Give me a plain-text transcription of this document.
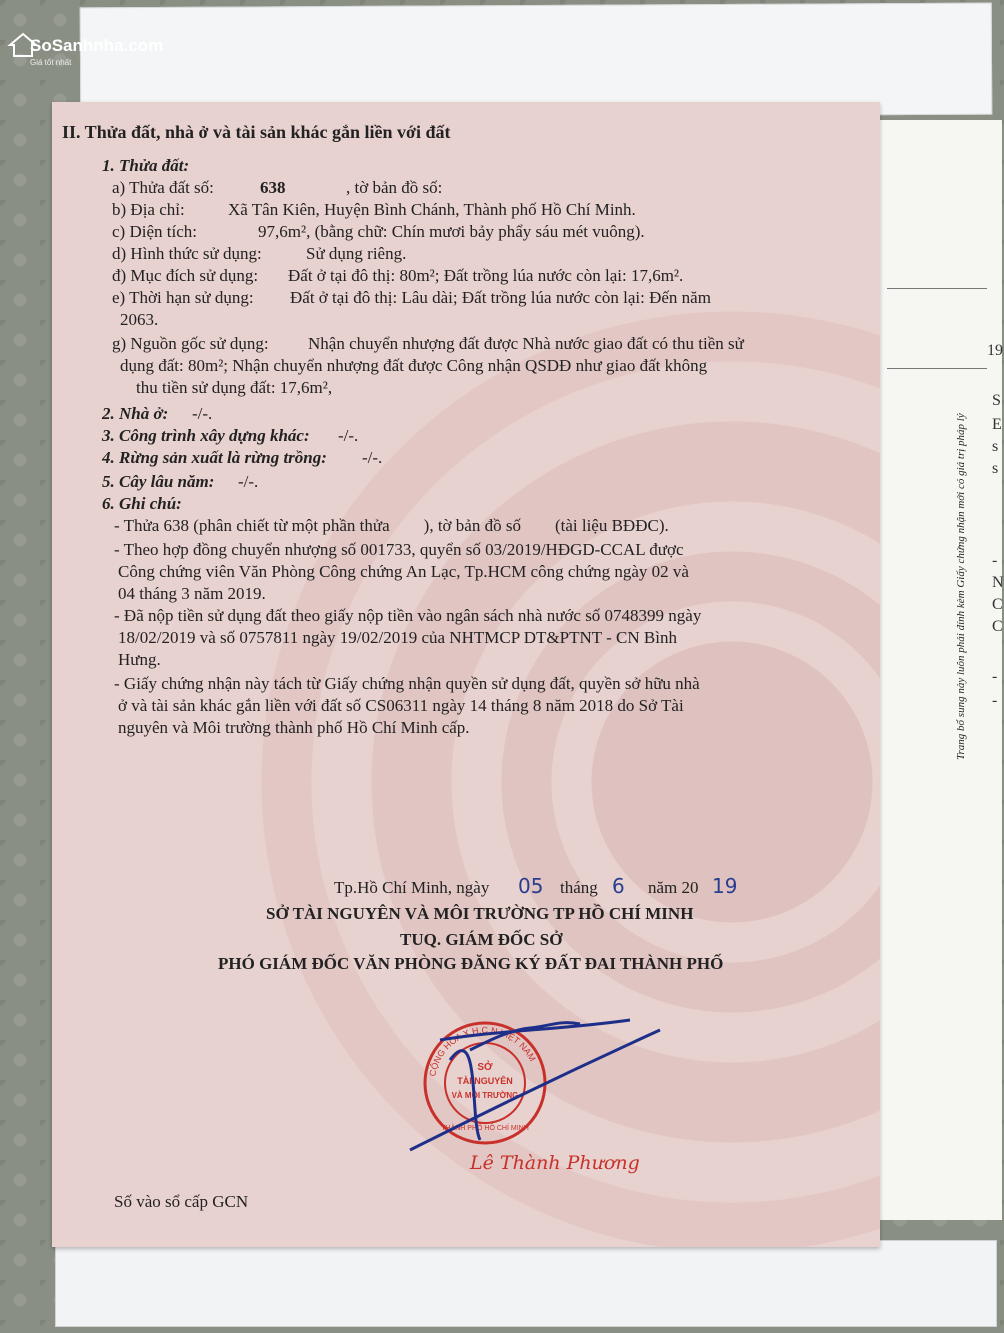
19
S
E
s
s
-
N
C
C
-
-
Trang bổ sung này luôn phải đính kèm Giấy chứng nhận mới có giá trị pháp lý
II. Thửa đất, nhà ở và tài sản khác gắn liền với đất
1. Thửa đất:
a) Thửa đất số:	638	, tờ bản đồ số:
b) Địa chỉ:	Xã Tân Kiên, Huyện Bình Chánh, Thành phố Hồ Chí Minh.
c) Diện tích:	97,6m², (bằng chữ: Chín mươi bảy phẩy sáu mét vuông).
d) Hình thức sử dụng:	Sử dụng riêng.
đ) Mục đích sử dụng: Đất ở tại đô thị: 80m²; Đất trồng lúa nước còn lại: 17,6m².
e) Thời hạn sử dụng: Đất ở tại đô thị: Lâu dài; Đất trồng lúa nước còn lại: Đến năm
2063.
g) Nguồn gốc sử dụng: Nhận chuyển nhượng đất được Nhà nước giao đất có thu tiền sử
dụng đất: 80m²; Nhận chuyển nhượng đất được Công nhận QSDĐ như giao đất không
thu tiền sử dụng đất: 17,6m²,
2. Nhà ở: -/-.
3. Công trình xây dựng khác: -/-.
4. Rừng sản xuất là rừng trồng: -/-.
5. Cây lâu năm: -/-.
6. Ghi chú:
- Thửa 638 (phân chiết từ một phần thửa        ), tờ bản đồ số        (tài liệu BĐĐC).
- Theo hợp đồng chuyển nhượng số 001733, quyển số 03/2019/HĐGD-CCAL được
Công chứng viên Văn Phòng Công chứng An Lạc, Tp.HCM công chứng ngày 02 và
04 tháng 3 năm 2019.
- Đã nộp tiền sử dụng đất theo giấy nộp tiền vào ngân sách nhà nước số 0748399 ngày
18/02/2019 và số 0757811 ngày 19/02/2019 của NHTMCP DT&PTNT - CN Bình
Hưng.
- Giấy chứng nhận này tách từ Giấy chứng nhận quyền sử dụng đất, quyền sở hữu nhà
ở và tài sản khác gắn liền với đất số CS06311 ngày 14 tháng 8 năm 2018 do Sở Tài
nguyên và Môi trường thành phố Hồ Chí Minh cấp.
Tp.Hồ Chí Minh, ngày 05 tháng 6 năm 20 19
SỞ TÀI NGUYÊN VÀ MÔI TRƯỜNG TP HỒ CHÍ MINH
TUQ. GIÁM ĐỐC SỞ
PHÓ GIÁM ĐỐC VĂN PHÒNG ĐĂNG KÝ ĐẤT ĐAI THÀNH PHỐ
Số vào sổ cấp GCN
SoSanhnha.com
Giá tốt nhất
CỘNG HÒA X.H.C.N VIỆT NAM
SỞ
TÀI NGUYÊN
VÀ MÔI TRƯỜNG
THÀNH PHỐ HỒ CHÍ MINH
Lê Thành Phương
